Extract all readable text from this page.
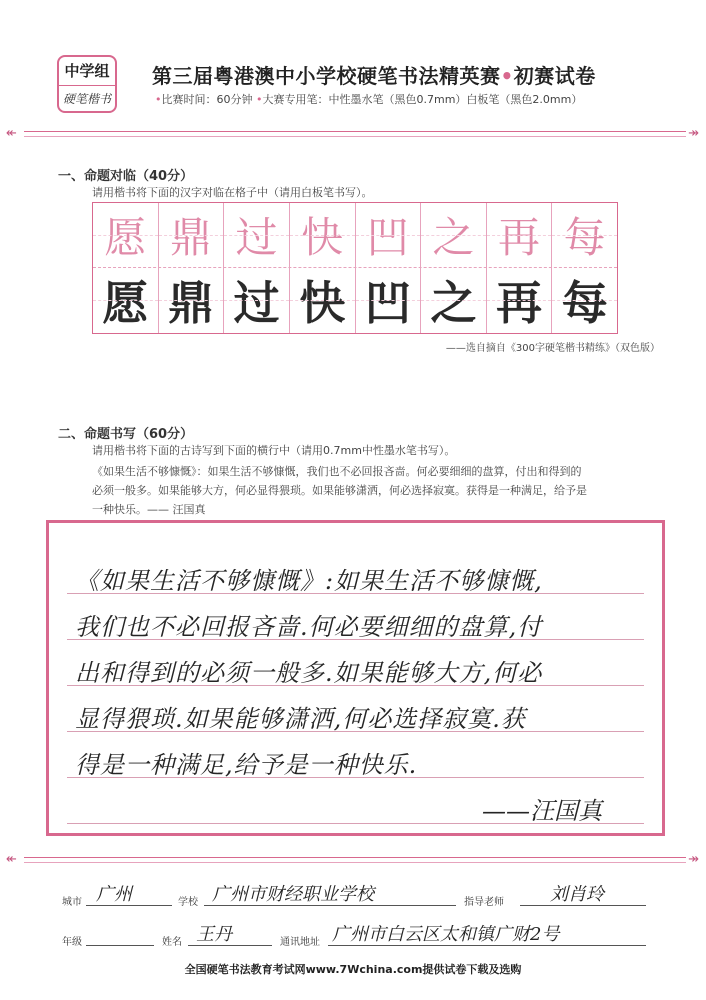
中学组
硬笔楷书
第三届粤港澳中小学校硬笔书法精英赛•初赛试卷
•比赛时间：60分钟 •大赛专用笔：中性墨水笔（黑色0.7mm）白板笔（黑色2.0mm）
↞	↞
一、命题对临（40分）
请用楷书将下面的汉字对临在格子中（请用白板笔书写）。
愿 鼎 过 快 凹 之 再 每
愿 鼎 过 快 凹 之 再 每
——选自摘自《300字硬笔楷书精练》（双色版）
二、命题书写（60分）
请用楷书将下面的古诗写到下面的横行中（请用0.7mm中性墨水笔书写）。
《如果生活不够慷慨》：如果生活不够慷慨，我们也不必回报吝啬。何必要细细的盘算，付出和得到的
必须一般多。如果能够大方，何必显得猥琐。如果能够潇洒，何必选择寂寞。获得是一种满足，给予是
一种快乐。—— 汪国真
《如果生活不够慷慨》:如果生活不够慷慨,
我们也不必回报吝啬.何必要细细的盘算,付
出和得到的必须一般多.如果能够大方,何必
显得猥琐.如果能够潇洒,何必选择寂寞.获
得是一种满足,给予是一种快乐.
——汪国真
↞	↞
城市 广州	学校 广州市财经职业学校	指导老师	刘肖玲
年级	姓名 王丹	通讯地址 广州市白云区太和镇广财2号
全国硬笔书法教育考试网www.7Wchina.com提供试卷下载及选购
